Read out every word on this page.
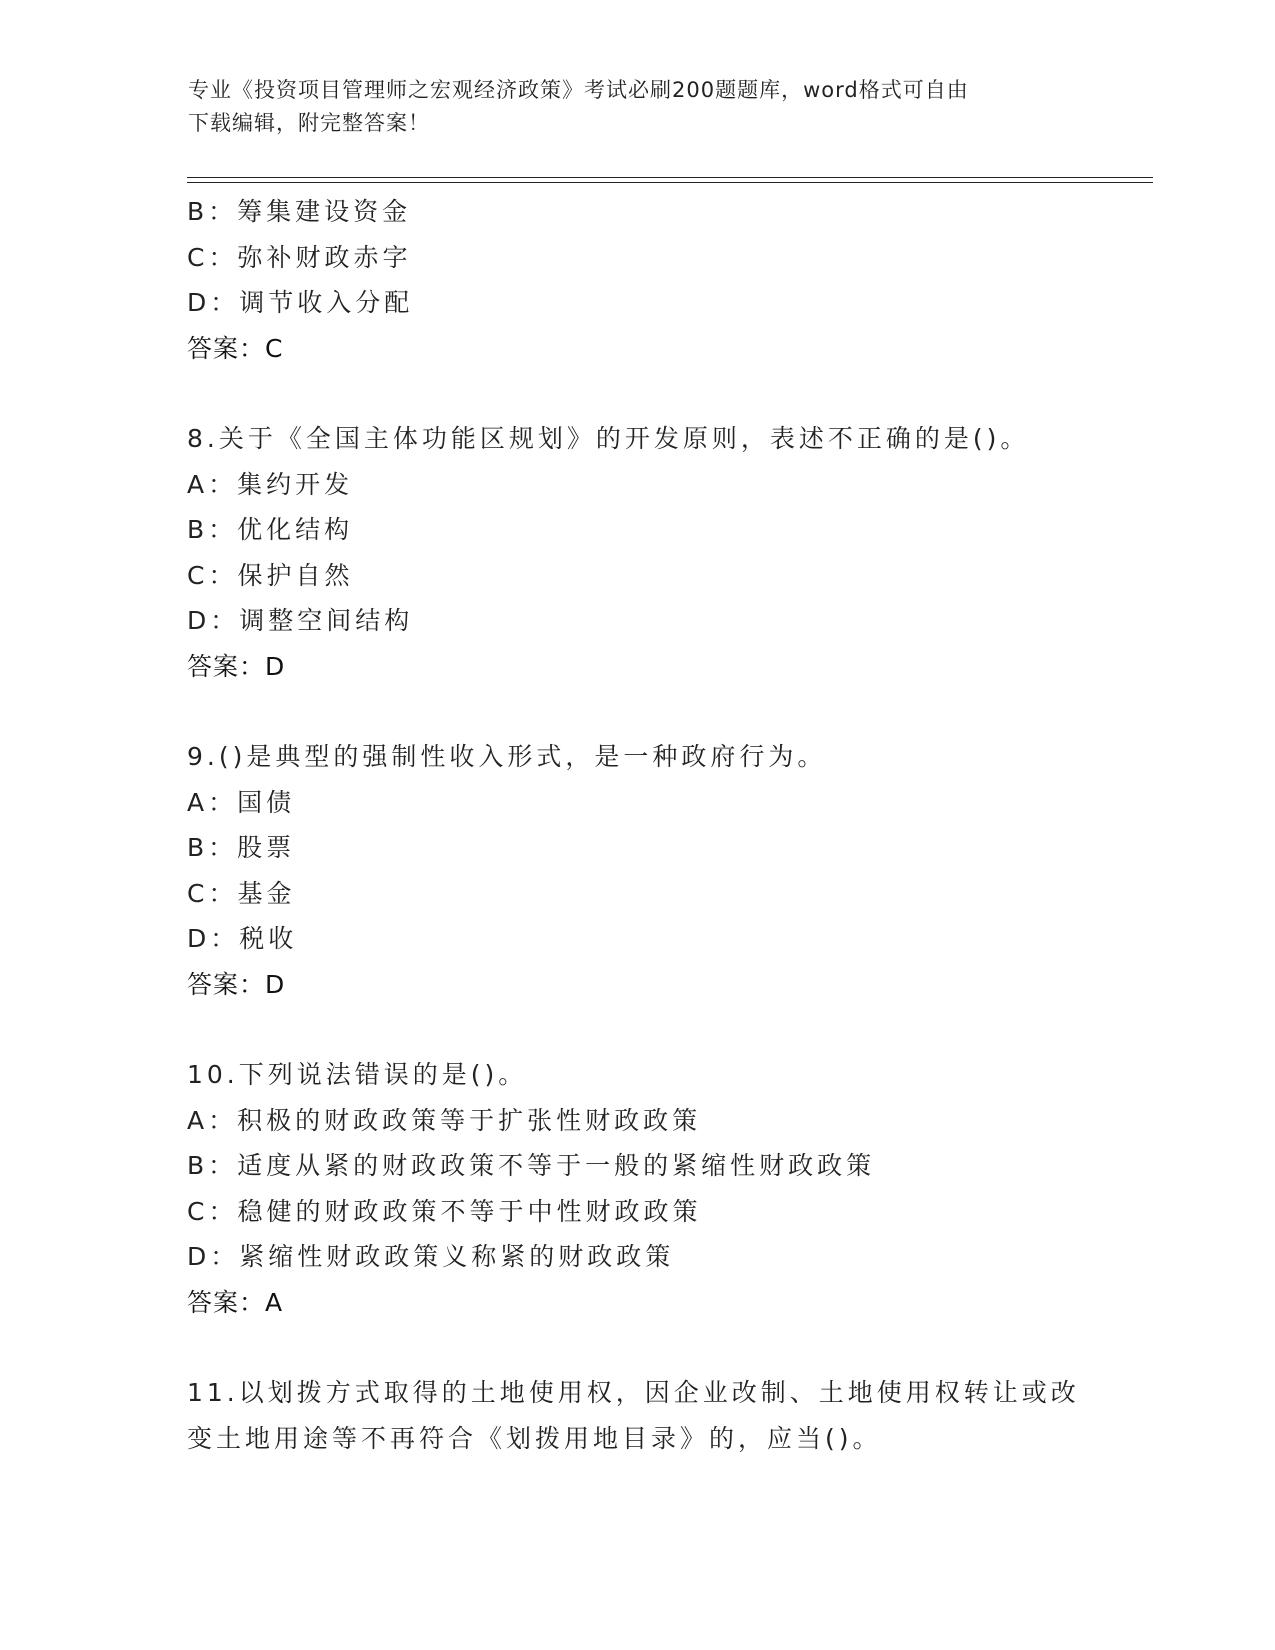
专业《投资项目管理师之宏观经济政策》考试必刷200题题库，word格式可自由
下载编辑，附完整答案！
B：筹集建设资金
C：弥补财政赤字
D：调节收入分配
答案：C
8.关于《全国主体功能区规划》的开发原则，表述不正确的是()。
A：集约开发
B：优化结构
C：保护自然
D：调整空间结构
答案：D
9.()是典型的强制性收入形式，是一种政府行为。
A：国债
B：股票
C：基金
D：税收
答案：D
10.下列说法错误的是()。
A：积极的财政政策等于扩张性财政政策
B：适度从紧的财政政策不等于一般的紧缩性财政政策
C：稳健的财政政策不等于中性财政政策
D：紧缩性财政政策义称紧的财政政策
答案：A
11.以划拨方式取得的土地使用权，因企业改制、土地使用权转让或改
变土地用途等不再符合《划拨用地目录》的，应当()。
